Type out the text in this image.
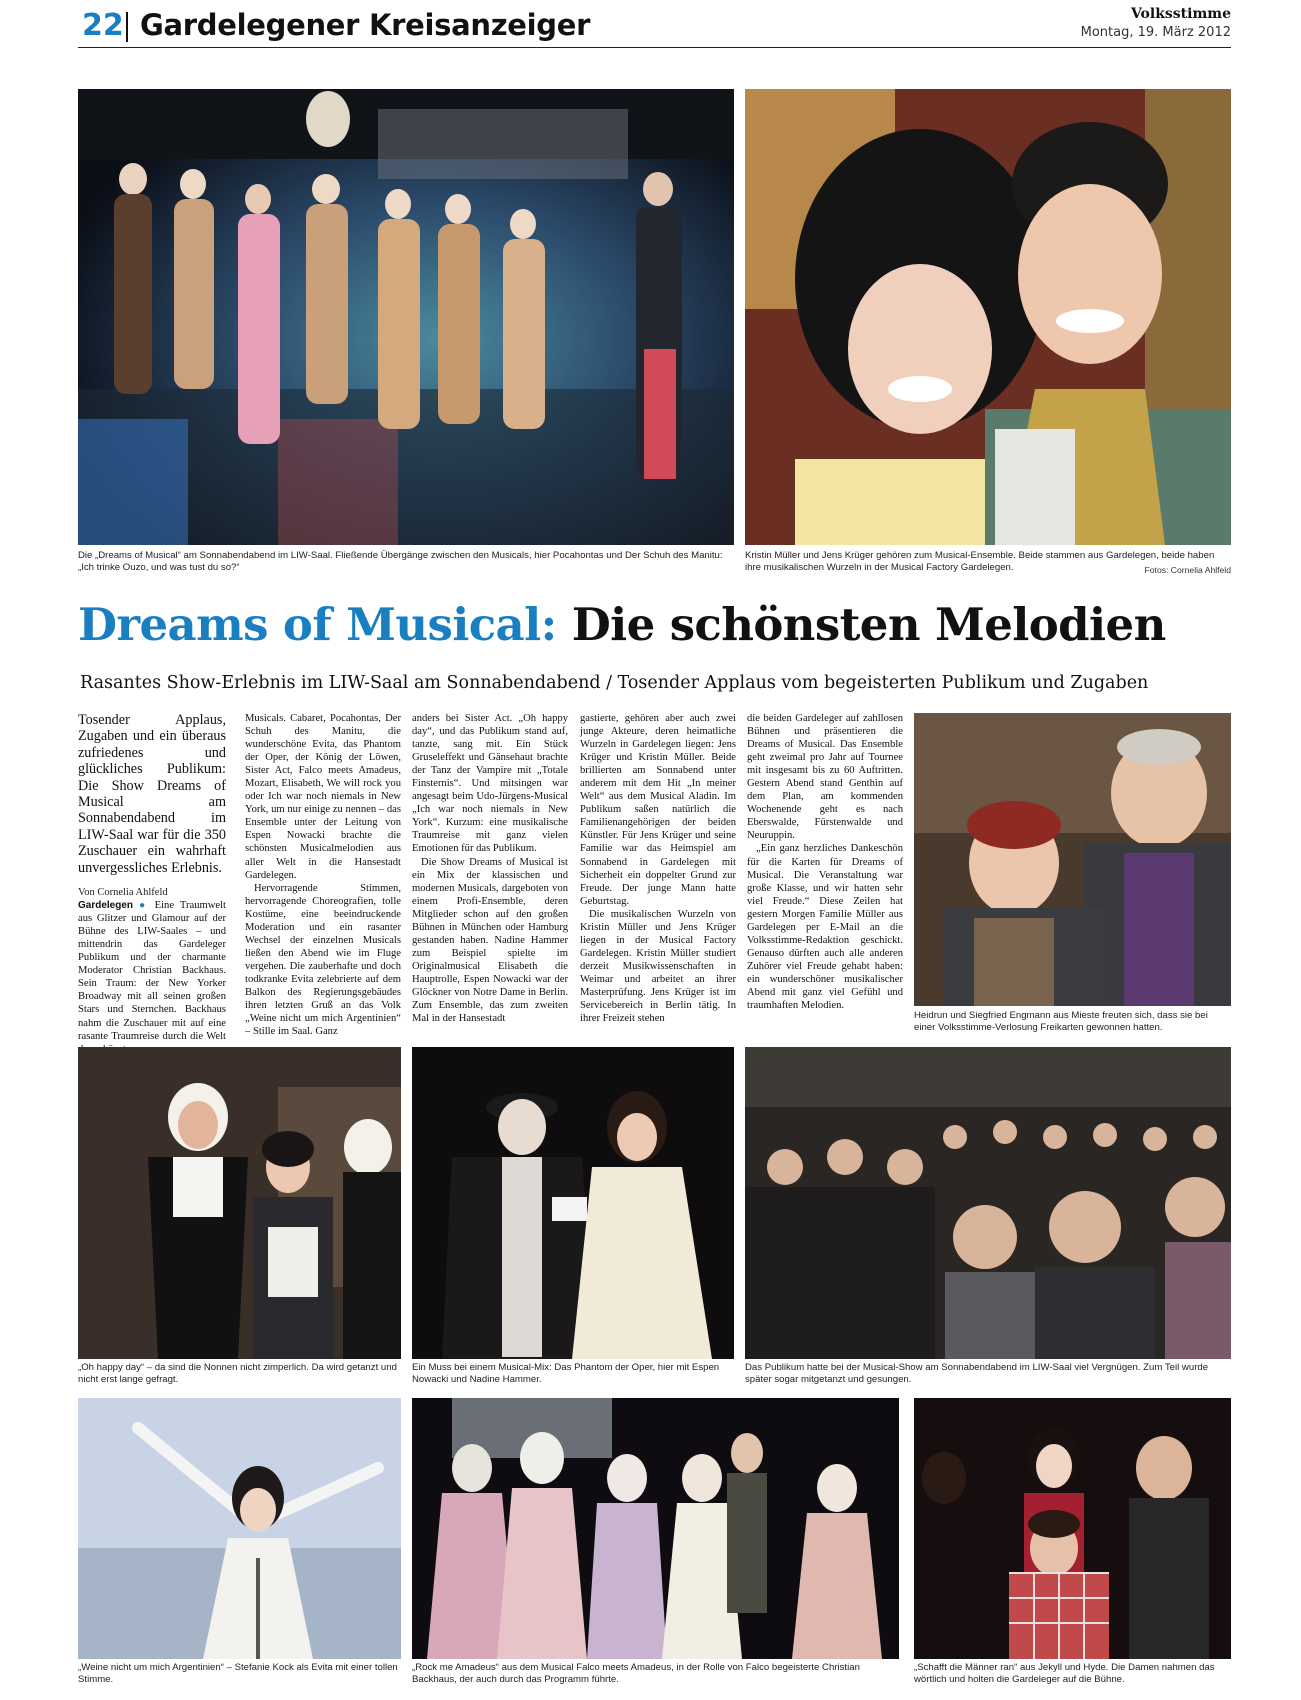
22 Gardelegener Kreisanzeiger	Volksstimme
Montag, 19. März 2012
Die „Dreams of Musical“ am Sonnabendabend im LIW-Saal. Fließende Übergänge zwischen den Musicals, hier Pocahontas und Der Schuh des Manitu: „Ich trinke Ouzo, und was tust du so?“
Kristin Müller und Jens Krüger gehören zum Musical-Ensemble. Beide stammen aus Gardelegen, beide haben ihre musikalischen Wurzeln in der Musical Factory Gardelegen.	Fotos: Cornelia Ahlfeld
Dreams of Musical: Die schönsten Melodien
Rasantes Show-Erlebnis im LIW-Saal am Sonnabendabend / Tosender Applaus vom begeisterten Publikum und Zugaben
Tosender Applaus, Zugaben und ein überaus zufriedenes und glückliches Publikum: Die Show Dreams of Musical am Sonnabendabend im LIW-Saal war für die 350 Zuschauer ein wahrhaft unvergessliches Erlebnis.
Von Cornelia Ahlfeld

Gardelegen ● Eine Traumwelt aus Glitzer und Glamour auf der Bühne des LIW-Saales – und mittendrin das Gardeleger Publikum und der charmante Moderator Christian Backhaus. Sein Traum: der New Yorker Broadway mit all seinen großen Stars und Sternchen. Backhaus nahm die Zuschauer mit auf eine rasante Traumreise durch die Welt

Musicals. Cabaret, Pocahontas, Der Schuh des Manitu, die wunderschöne Evita, das Phantom der Oper, der König der Löwen, Sister Act, Falco meets Amadeus, Mozart, Elisabeth, We will rock you oder Ich war noch niemals in New York, um nur einige zu nennen – das Ensemble unter der Leitung von Espen Nowacki brachte die schönsten Musicalmelodien aus aller Welt in die Hansestadt Gardelegen.

Hervorragende Stimmen, hervorragende Choreografien, tolle Kostüme, eine beeindruckende Moderation und ein rasanter Wechsel der einzelnen Musicals ließen den Abend wie im Fluge vergehen. Die zauberhafte und doch todkranke Evita zelebrierte auf dem Balkon des Regierungsgebäudes ihren letzten Gruß an das Volk „Weine nicht um mich Argentinien“ – Stille im Saal. Ganz

anders bei Sister Act. „Oh happy day“, und das Publikum stand auf, tanzte, sang mit. Ein Stück Gruseleffekt und Gänsehaut brachte der Tanz der Vampire mit „Totale Finsternis“. Und mitsingen war angesagt beim Udo-Jürgens-Musical „Ich war noch niemals in New York“. Kurzum: eine musikalische Traumreise mit ganz vielen Emotionen für das Publikum.

Die Show Dreams of Musical ist ein Mix der klassischen und modernen Musicals, dargeboten von einem Profi-Ensemble, deren Mitglieder schon auf den großen Bühnen in München oder Hamburg gestanden haben. Nadine Hammer zum Beispiel spielte im Originalmusical Elisabeth die Hauptrolle, Espen Nowacki war der Glöckner von Notre Dame in Berlin. Zum Ensemble, das zum zweiten Mal in der Hansestadt

gastierte, gehören aber auch zwei junge Akteure, deren heimatliche Wurzeln in Gardelegen liegen: Jens Krüger und Kristin Müller. Beide brillierten am Sonnabend unter anderem mit dem Hit „In meiner Welt“ aus dem Musical Aladin. Im Publikum saßen natürlich die Familienangehörigen der beiden Künstler. Für Jens Krüger und seine Familie war das Heimspiel am Sonnabend in Gardelegen mit Sicherheit ein doppelter Grund zur Freude. Der junge Mann hatte Geburtstag.

Die musikalischen Wurzeln von Kristin Müller und Jens Krüger liegen in der Musical Factory Gardelegen. Kristin Müller studiert derzeit Musikwissenschaften in Weimar und arbeitet an ihrer Masterprüfung. Jens Krüger ist im Servicebereich in Berlin tätig. In ihrer Freizeit stehen

die beiden Gardeleger auf zahllosen Bühnen und präsentieren die Dreams of Musical. Das Ensemble geht zweimal pro Jahr auf Tournee mit insgesamt bis zu 60 Auftritten. Gestern Abend stand Genthin auf dem Plan, am kommenden Wochenende geht es nach Eberswalde, Fürstenwalde und Neuruppin.

„Ein ganz herzliches Dankeschön für die Karten für Dreams of Musical. Die Veranstaltung war große Klasse, und wir hatten sehr viel Freude.“ Diese Zeilen hat gestern Morgen Familie Müller aus Gardelegen per E-Mail an die Volksstimme-Redaktion geschickt. Genauso dürften auch alle anderen Zuhörer viel Freude gehabt haben: ein wunderschöner musikalischer Abend mit ganz viel Gefühl und traumhaften Melodien.

Heidrun und Siegfried Engmann aus Mieste freuten sich, dass sie bei einer Volksstimme-Verlosung Freikarten gewonnen hatten.
„Oh happy day“ – da sind die Nonnen nicht zimperlich. Da wird getanzt und nicht erst lange gefragt.
Ein Muss bei einem Musical-Mix: Das Phantom der Oper, hier mit Espen Nowacki und Nadine Hammer.
Das Publikum hatte bei der Musical-Show am Sonnabendabend im LIW-Saal viel Vergnügen. Zum Teil wurde später sogar mitgetanzt und gesungen.
„Weine nicht um mich Argentinien“ – Stefanie Kock als Evita mit einer tollen Stimme.
„Rock me Amadeus“ aus dem Musical Falco meets Amadeus, in der Rolle von Falco begeisterte Christian Backhaus, der auch durch das Programm führte.
„Schafft die Männer ran“ aus Jekyll und Hyde. Die Damen nahmen das wörtlich und holten die Gardeleger auf die Bühne.
